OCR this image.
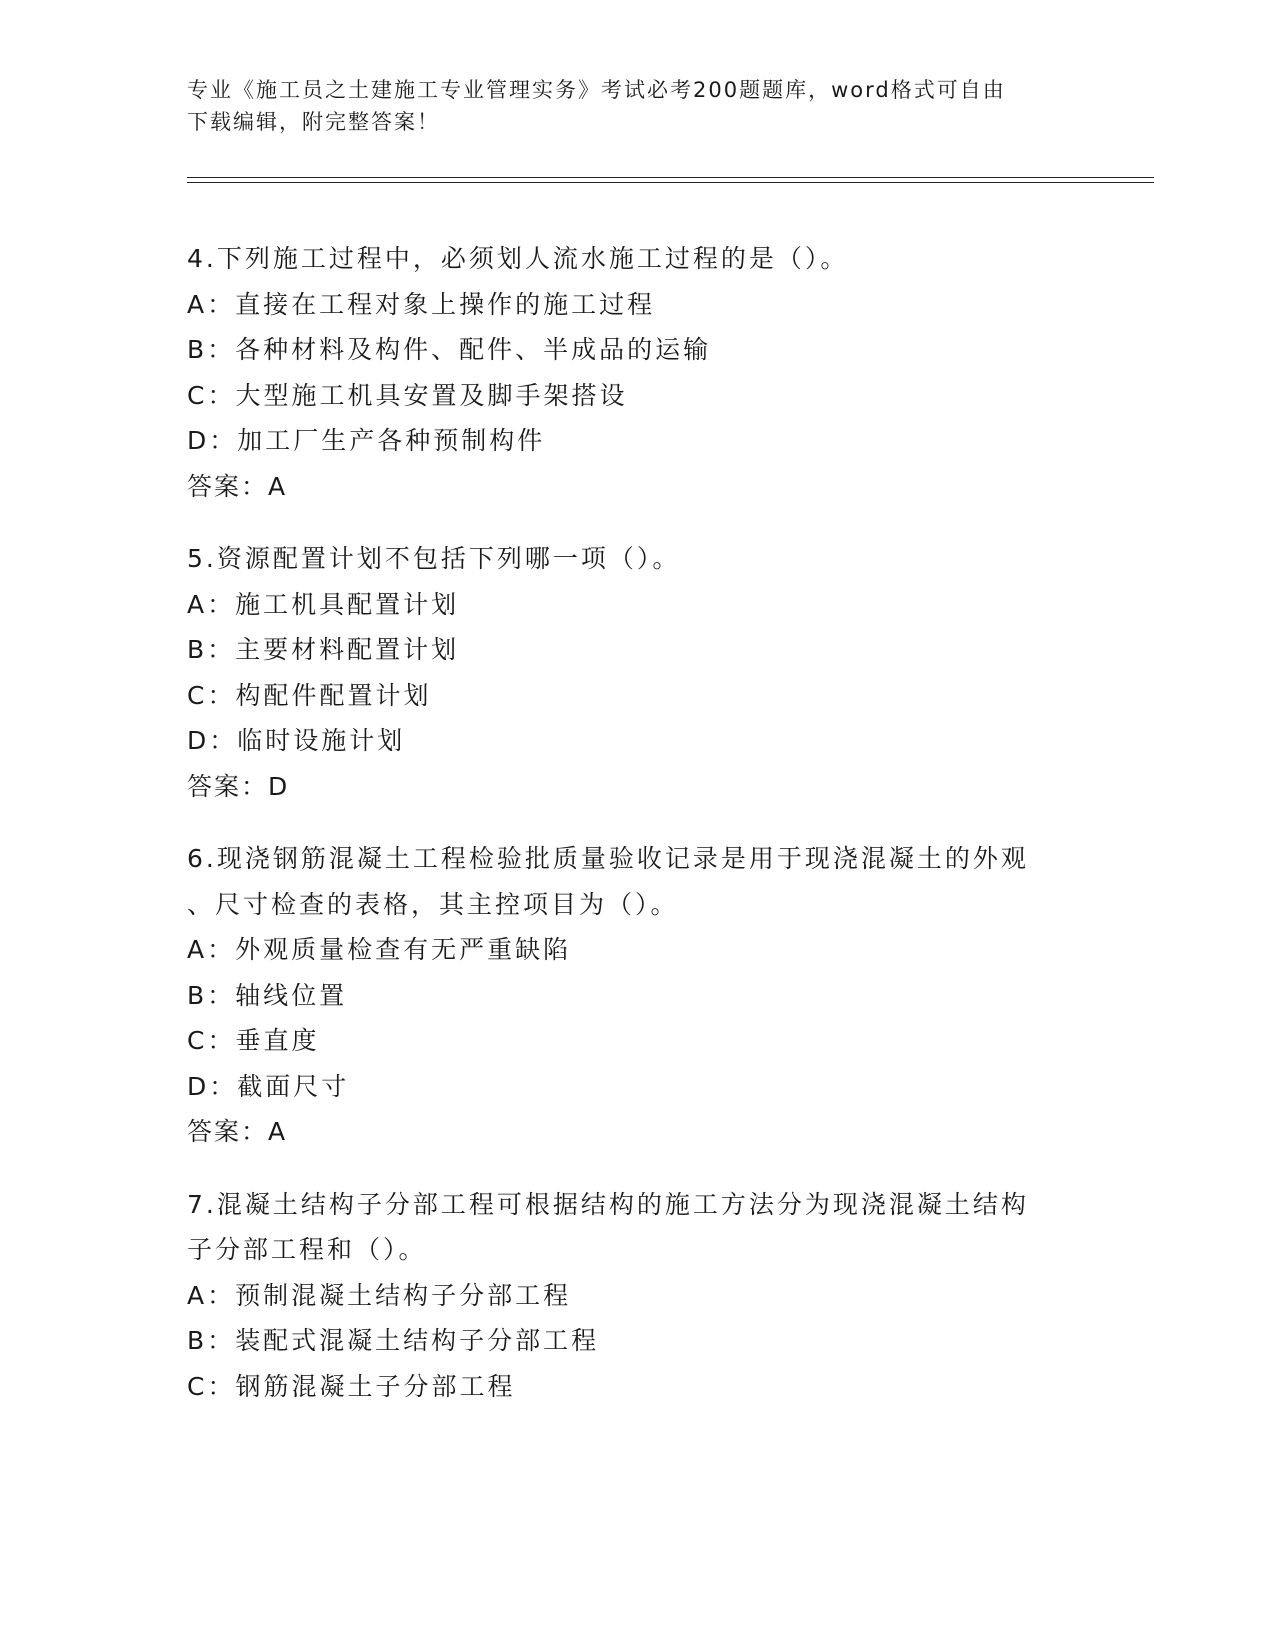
专业《施工员之土建施工专业管理实务》考试必考200题题库，word格式可自由
下载编辑，附完整答案！
4.下列施工过程中，必须划人流水施工过程的是（）。
A：直接在工程对象上操作的施工过程
B：各种材料及构件、配件、半成品的运输
C：大型施工机具安置及脚手架搭设
D：加工厂生产各种预制构件
答案：A
5.资源配置计划不包括下列哪一项（）。
A：施工机具配置计划
B：主要材料配置计划
C：构配件配置计划
D：临时设施计划
答案：D
6.现浇钢筋混凝土工程检验批质量验收记录是用于现浇混凝土的外观
、尺寸检查的表格，其主控项目为（）。
A：外观质量检查有无严重缺陷
B：轴线位置
C：垂直度
D：截面尺寸
答案：A
7.混凝土结构子分部工程可根据结构的施工方法分为现浇混凝土结构
子分部工程和（）。
A：预制混凝土结构子分部工程
B：装配式混凝土结构子分部工程
C：钢筋混凝土子分部工程
